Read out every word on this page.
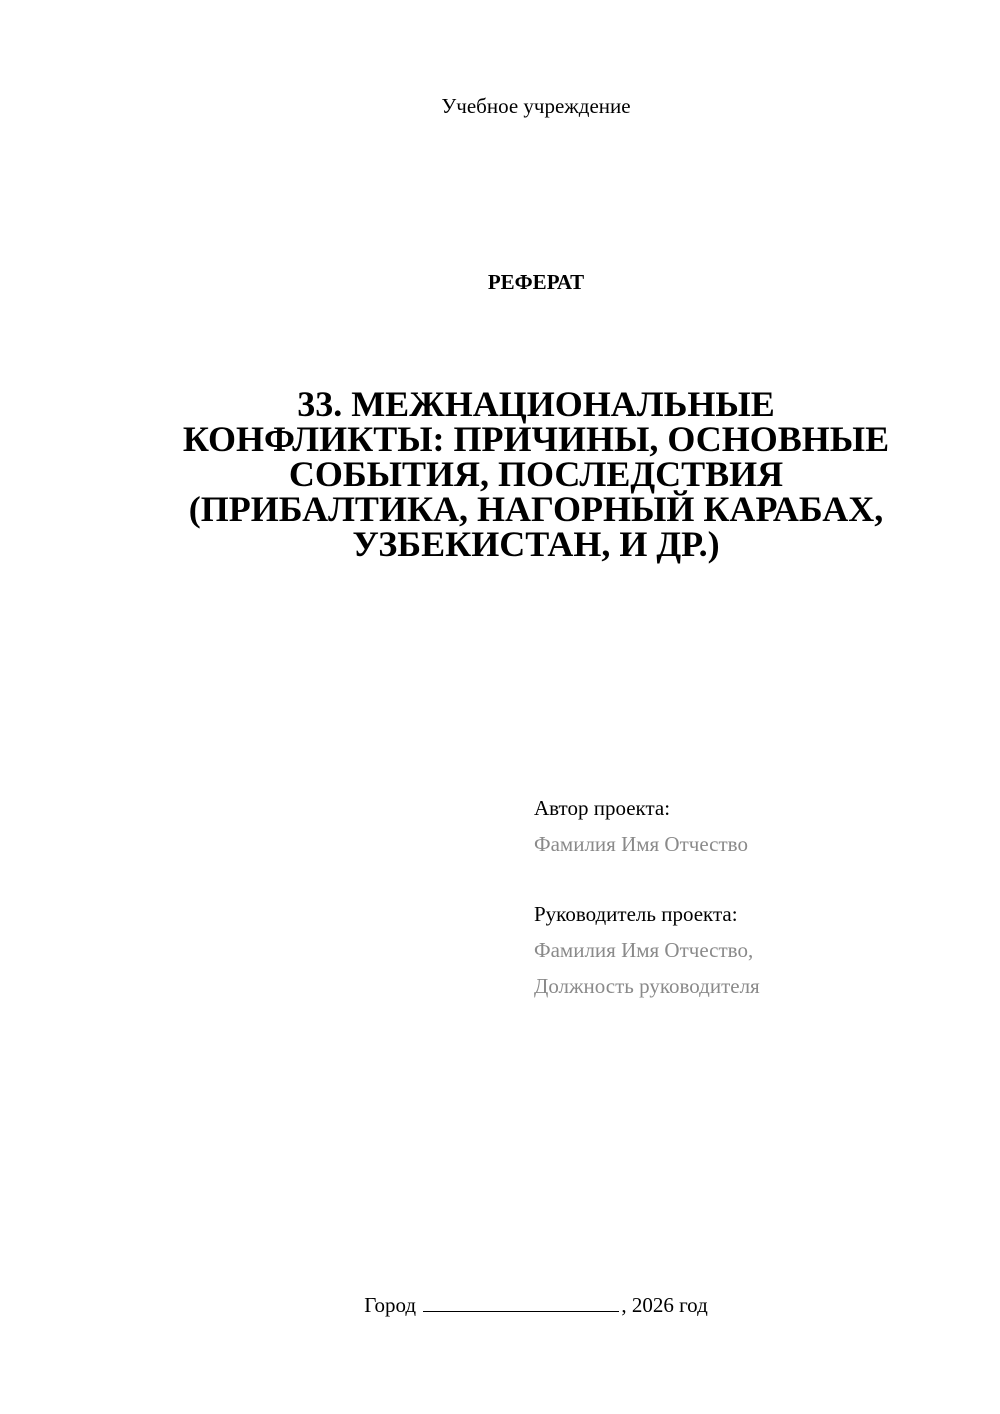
Учебное учреждение
РЕФЕРАТ
33. МЕЖНАЦИОНАЛЬНЫЕ
КОНФЛИКТЫ: ПРИЧИНЫ, ОСНОВНЫЕ
СОБЫТИЯ, ПОСЛЕДСТВИЯ
(ПРИБАЛТИКА, НАГОРНЫЙ КАРАБАХ,
УЗБЕКИСТАН, И ДР.)
Автор проекта:
Фамилия Имя Отчество
Руководитель проекта:
Фамилия Имя Отчество,
Должность руководителя
Город	, 2026 год
